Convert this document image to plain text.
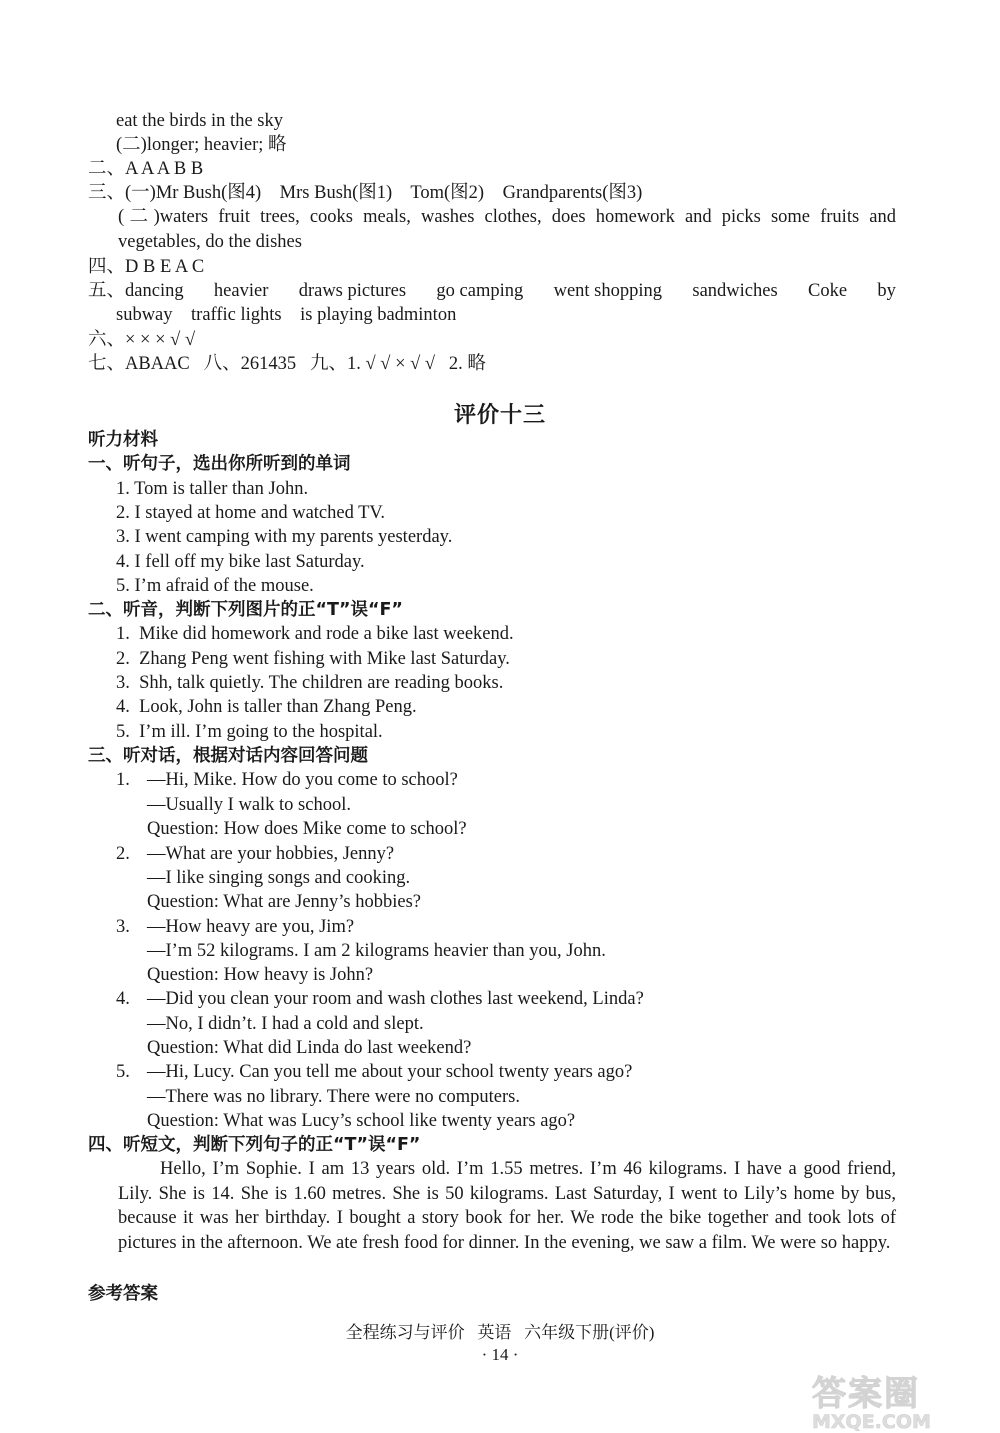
eat the birds in the sky
(二)longer; heavier; 略
二、A A A B B
三、(一)Mr Bush(图4)    Mrs Bush(图1)    Tom(图2)    Grandparents(图3)
(二)waters fruit trees, cooks meals, washes clothes, does homework and picks some fruits and vegetables, do the dishes
四、D B E A C
五、dancing heavier draws pictures go camping went shopping sandwiches Coke by
subway    traffic lights    is playing badminton
六、× × × √ √
七、ABAAC   八、261435   九、1. √ √ × √ √   2. 略
评价十三
听力材料
一、听句子，选出你所听到的单词
1. Tom is taller than John.
2. I stayed at home and watched TV.
3. I went camping with my parents yesterday.
4. I fell off my bike last Saturday.
5. I’m afraid of the mouse.
二、听音，判断下列图片的正“T”误“F”
1.  Mike did homework and rode a bike last weekend.
2.  Zhang Peng went fishing with Mike last Saturday.
3.  Shh, talk quietly. The children are reading books.
4.  Look, John is taller than Zhang Peng.
5.  I’m ill. I’m going to the hospital.
三、听对话，根据对话内容回答问题
1. —Hi, Mike. How do you come to school?
—Usually I walk to school.
Question: How does Mike come to school?
2. —What are your hobbies, Jenny?
—I like singing songs and cooking.
Question: What are Jenny’s hobbies?
3. —How heavy are you, Jim?
—I’m 52 kilograms. I am 2 kilograms heavier than you, John.
Question: How heavy is John?
4. —Did you clean your room and wash clothes last weekend, Linda?
—No, I didn’t. I had a cold and slept.
Question: What did Linda do last weekend?
5. —Hi, Lucy. Can you tell me about your school twenty years ago?
—There was no library. There were no computers.
Question: What was Lucy’s school like twenty years ago?
四、听短文，判断下列句子的正“T”误“F”
Hello, I’m Sophie. I am 13 years old. I’m 1.55 metres. I’m 46 kilograms. I have a good friend, Lily. She is 14. She is 1.60 metres. She is 50 kilograms. Last Saturday, I went to Lily’s home by bus, because it was her birthday. I bought a story book for her. We rode the bike together and took lots of pictures in the afternoon. We ate fresh food for dinner. In the evening, we saw a film. We were so happy.
参考答案
全程练习与评价   英语   六年级下册(评价)
· 14 ·
答案圈
MXQE.COM
